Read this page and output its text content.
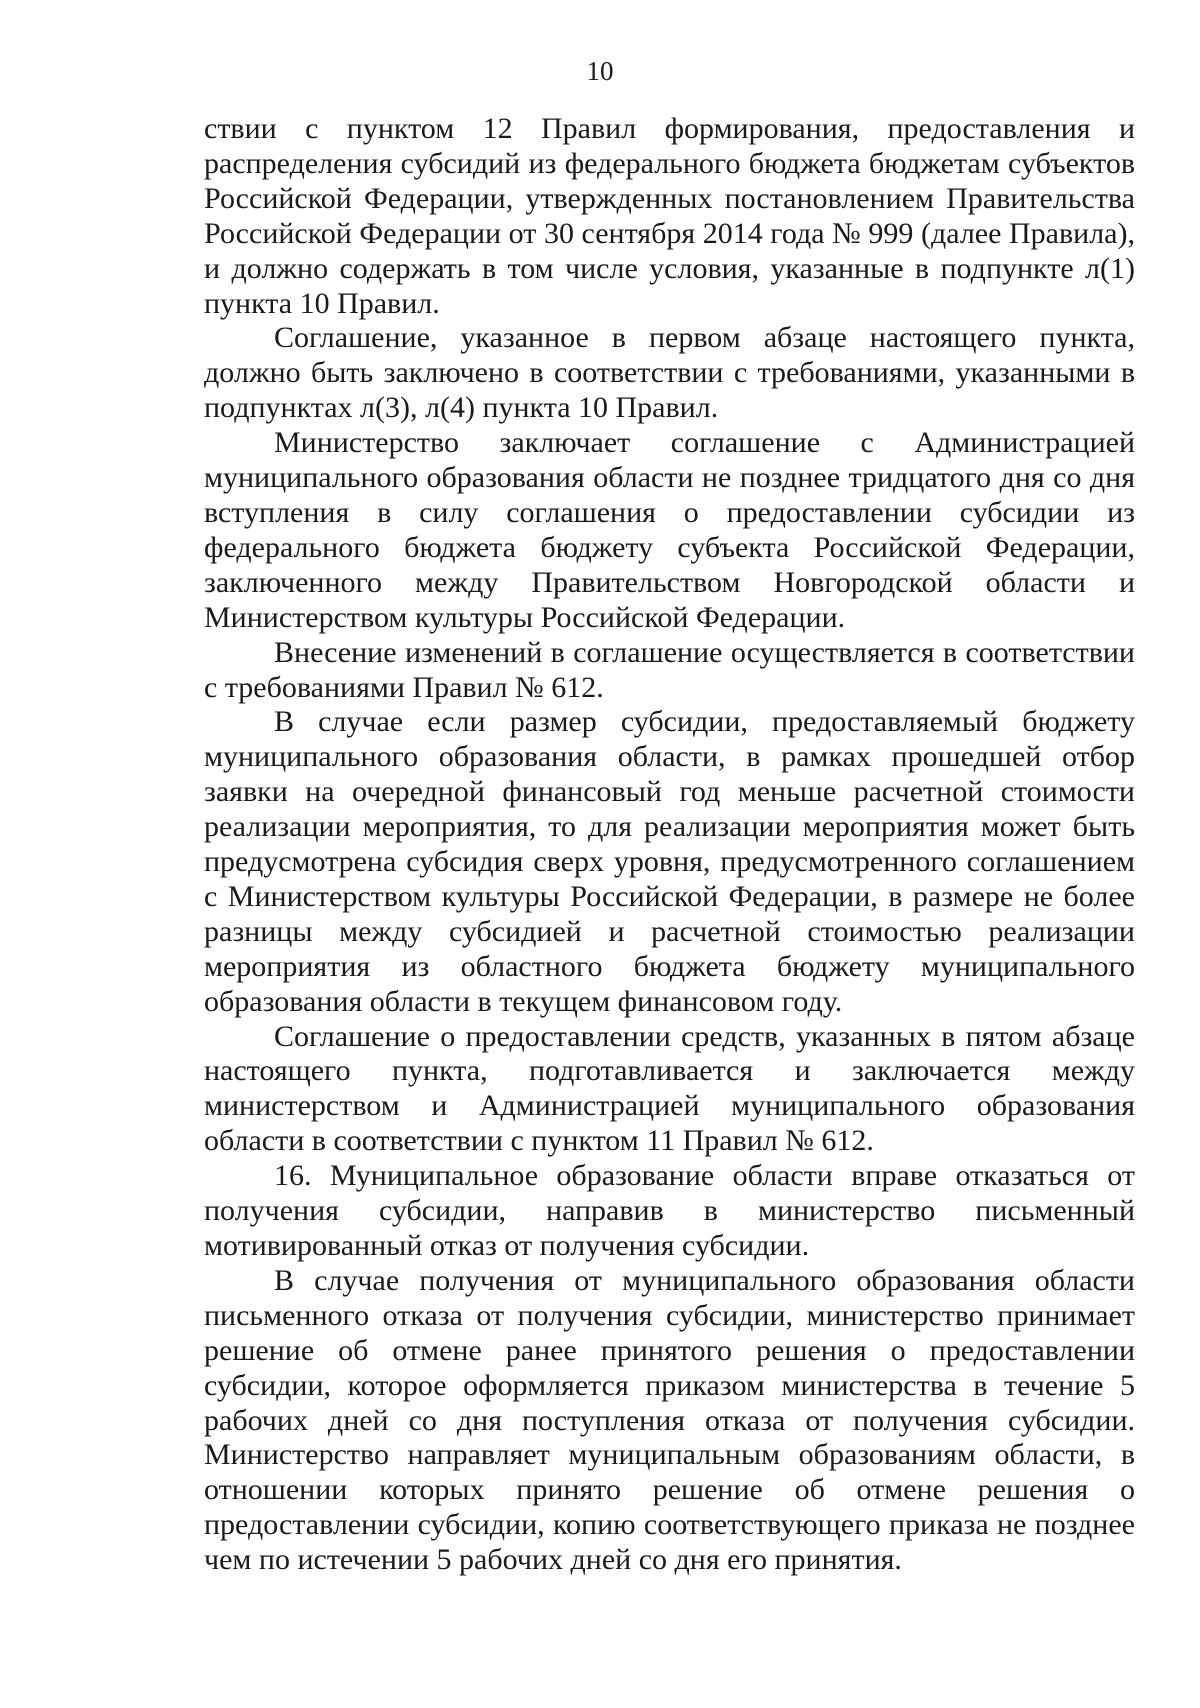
10

ствии с пунктом 12 Правил формирования, предоставления и распределения субсидий из федерального бюджета бюджетам субъектов Российской Федерации, утвержденных постановлением Правительства Российской Федерации от 30 сентября 2014 года № 999 (далее Правила), и должно содержать в том числе условия, указанные в подпункте л(1) пункта 10 Правил.

Соглашение, указанное в первом абзаце настоящего пункта, должно быть заключено в соответствии с требованиями, указанными в подпунктах л(3), л(4) пункта 10 Правил.

Министерство заключает соглашение с Администрацией муниципального образования области не позднее тридцатого дня со дня вступления в силу соглашения о предоставлении субсидии из федерального бюджета бюджету субъекта Российской Федерации, заключенного между Правительством Новгородской области и Министерством культуры Российской Федерации.

Внесение изменений в соглашение осуществляется в соответствии с требованиями Правил № 612.

В случае если размер субсидии, предоставляемый бюджету муниципального образования области, в рамках прошедшей отбор заявки на очередной финансовый год меньше расчетной стоимости реализации мероприятия, то для реализации мероприятия может быть предусмотрена субсидия сверх уровня, предусмотренного соглашением с Министерством культуры Российской Федерации, в размере не более разницы между субсидией и расчетной стоимостью реализации мероприятия из областного бюджета бюджету муниципального образования области в текущем финансовом году.

Соглашение о предоставлении средств, указанных в пятом абзаце настоящего пункта, подготавливается и заключается между министерством и Администрацией муниципального образования области в соответствии с пунктом 11 Правил № 612.

16. Муниципальное образование области вправе отказаться от получения субсидии, направив в министерство письменный мотивированный отказ от получения субсидии.

В случае получения от муниципального образования области письменного отказа от получения субсидии, министерство принимает решение об отмене ранее принятого решения о предоставлении субсидии, которое оформляется приказом министерства в течение 5 рабочих дней со дня поступления отказа от получения субсидии. Министерство направляет муниципальным образованиям области, в отношении которых принято решение об отмене решения о предоставлении субсидии, копию соответствующего приказа не позднее чем по истечении 5 рабочих дней со дня его принятия.
